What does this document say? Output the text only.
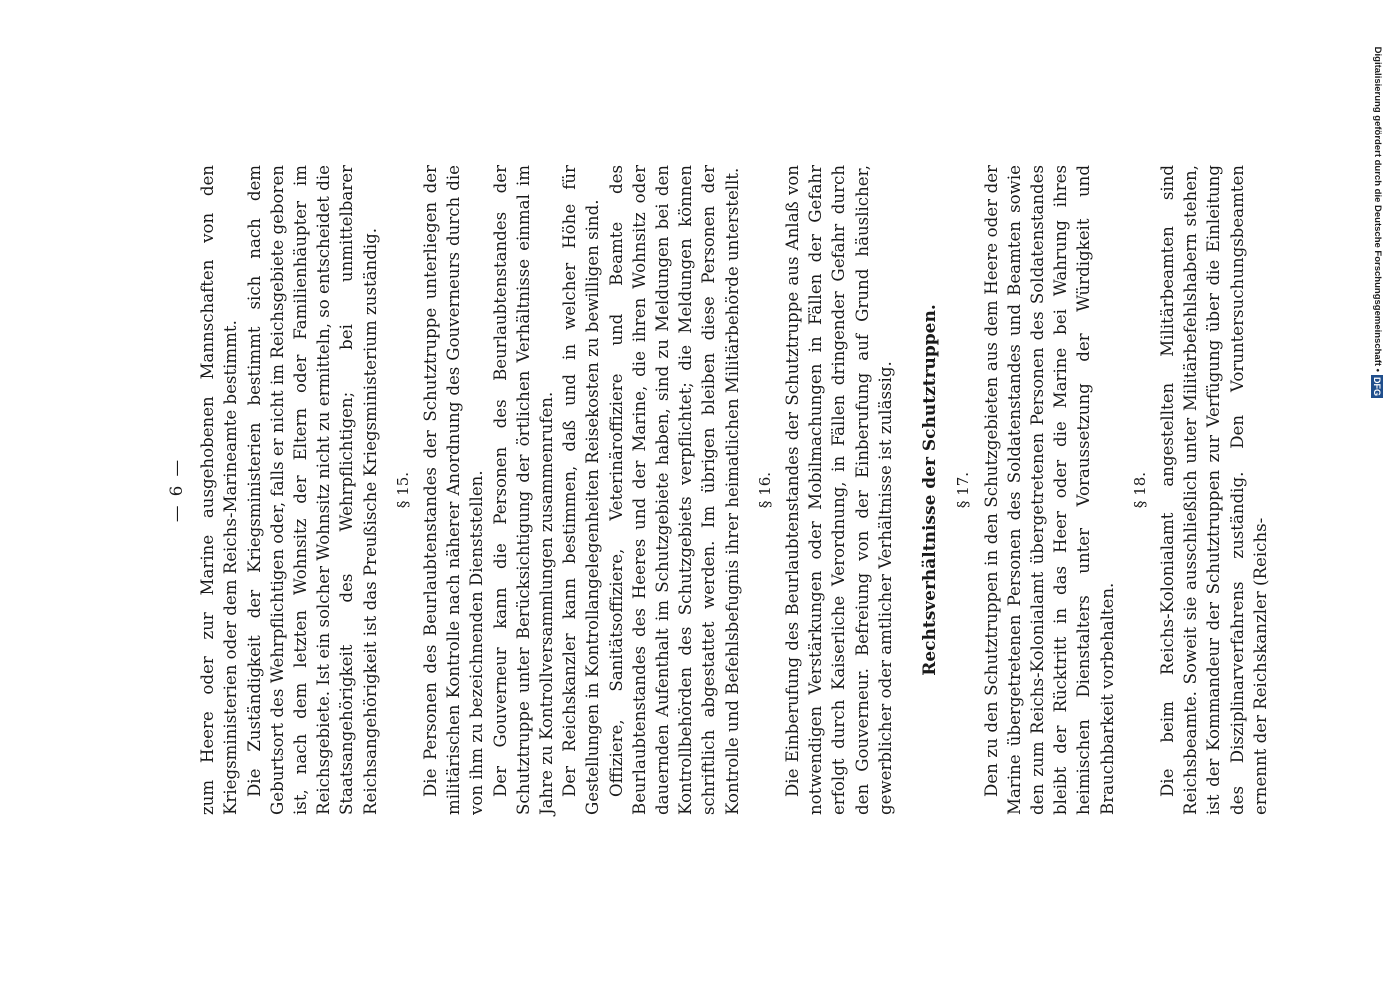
— 6 — zum Heere oder zur Marine ausgehobenen Mannschaften von den Kriegsministerien oder dem Reichs-Marineamte bestimmt. Die Zuständigkeit der Kriegsministerien bestimmt sich nach dem Geburtsort des Wehrpflichtigen oder, falls er nicht im Reichsgebiete geboren ist, nach dem letzten Wohnsitz der Eltern oder Familienhäupter im Reichsgebiete. Ist ein solcher Wohnsitz nicht zu ermitteln, so entscheidet die Staatsangehörigkeit des Wehrpflichtigen; bei unmittelbarer Reichsangehörigkeit ist das Preußische Kriegsministerium zuständig. § 15. Die Personen des Beurlaubtenstandes der Schutztruppe unterliegen der militärischen Kontrolle nach näherer Anordnung des Gouverneurs durch die von ihm zu bezeichnenden Dienststellen. Der Gouverneur kann die Personen des Beurlaubtenstandes der Schutztruppe unter Berücksichtigung der örtlichen Verhältnisse einmal im Jahre zu Kontrollversammlungen zusammenrufen. Der Reichskanzler kann bestimmen, daß und in welcher Höhe für Gestellungen in Kontrollangelegenheiten Reisekosten zu bewilligen sind. Offiziere, Sanitätsoffiziere, Veterinäroffiziere und Beamte des Beurlaubtenstandes des Heeres und der Marine, die ihren Wohnsitz oder dauernden Aufenthalt im Schutzgebiete haben, sind zu Meldungen bei den Kontrollbehörden des Schutzgebiets verpflichtet; die Meldungen können schriftlich abgestattet werden. Im übrigen bleiben diese Personen der Kontrolle und Befehlsbefugnis ihrer heimatlichen Militärbehörde unterstellt. § 16. Die Einberufung des Beurlaubtenstandes der Schutztruppe aus Anlaß von notwendigen Verstärkungen oder Mobilmachungen in Fällen der Gefahr erfolgt durch Kaiserliche Verordnung, in Fällen dringender Gefahr durch den Gouverneur. Befreiung von der Einberufung auf Grund häuslicher, gewerblicher oder amtlicher Verhältnisse ist zulässig. Rechtsverhältnisse der Schutztruppen. § 17. Den zu den Schutztruppen in den Schutzgebieten aus dem Heere oder der Marine übergetretenen Personen des Soldatenstandes und Beamten sowie den zum Reichs-Kolonialamt übergetretenen Personen des Soldatenstandes bleibt der Rücktritt in das Heer oder die Marine bei Wahrung ihres heimischen Dienstalters unter Voraussetzung der Würdigkeit und Brauchbarkeit vorbehalten.

§ 18. Die beim Reichs-Kolonialamt angestellten Militärbeamten sind Reichsbeamte. Soweit sie ausschließlich unter Militärbefehlshabern stehen, ist der Kommandeur der Schutztruppen zur Verfügung über die Einleitung des Disziplinarverfahrens zuständig. Den Voruntersuchungsbeamten ernennt der Reichskanzler (Reichs-

Digitalisierung gefördert durch die Deutsche Forschungsgemeinschaft •
DFG
